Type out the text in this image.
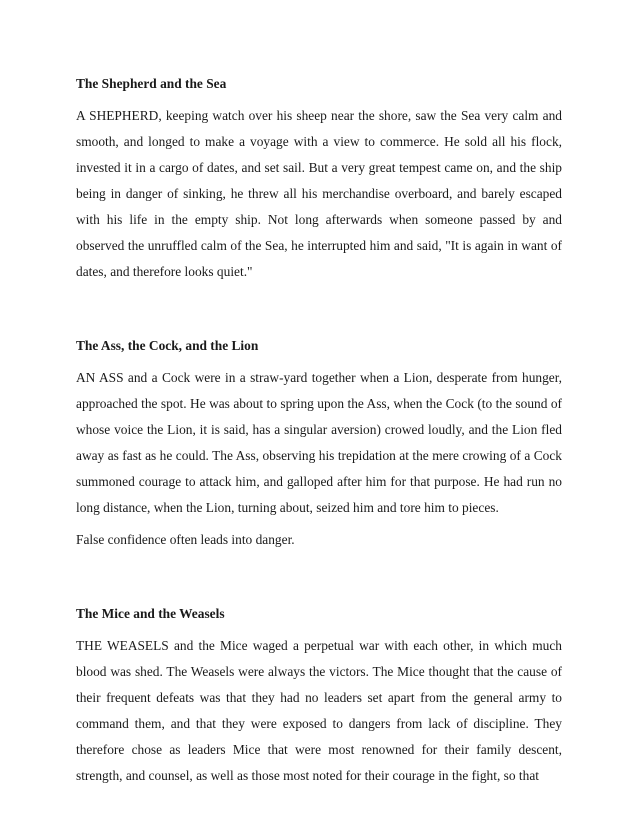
The Shepherd and the Sea

A SHEPHERD, keeping watch over his sheep near the shore, saw the Sea very calm and smooth, and longed to make a voyage with a view to commerce. He sold all his flock, invested it in a cargo of dates, and set sail. But a very great tempest came on, and the ship being in danger of sinking, he threw all his merchandise overboard, and barely escaped with his life in the empty ship. Not long afterwards when someone passed by and observed the unruffled calm of the Sea, he interrupted him and said, "It is again in want of dates, and therefore looks quiet."

The Ass, the Cock, and the Lion

AN ASS and a Cock were in a straw-yard together when a Lion, desperate from hunger, approached the spot. He was about to spring upon the Ass, when the Cock (to the sound of whose voice the Lion, it is said, has a singular aversion) crowed loudly, and the Lion fled away as fast as he could. The Ass, observing his trepidation at the mere crowing of a Cock summoned courage to attack him, and galloped after him for that purpose. He had run no long distance, when the Lion, turning about, seized him and tore him to pieces.

False confidence often leads into danger.

The Mice and the Weasels

THE WEASELS and the Mice waged a perpetual war with each other, in which much blood was shed. The Weasels were always the victors. The Mice thought that the cause of their frequent defeats was that they had no leaders set apart from the general army to command them, and that they were exposed to dangers from lack of discipline. They therefore chose as leaders Mice that were most renowned for their family descent, strength, and counsel, as well as those most noted for their courage in the fight, so that
